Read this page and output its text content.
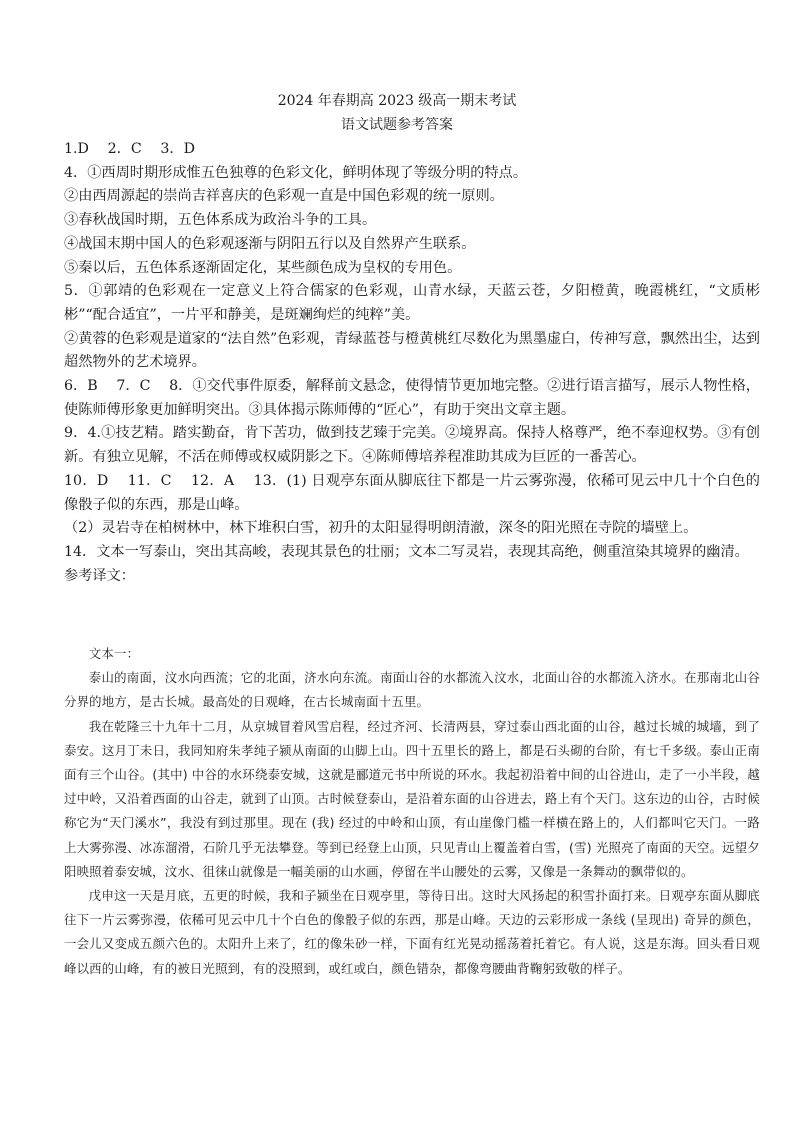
2024 年春期高 2023 级高一期末考试
语文试题参考答案

1.D　 2．C　 3．D

4．①西周时期形成惟五色独尊的色彩文化，鲜明体现了等级分明的特点。

②由西周源起的崇尚吉祥喜庆的色彩观一直是中国色彩观的统一原则。

③春秋战国时期，五色体系成为政治斗争的工具。

④战国末期中国人的色彩观逐渐与阴阳五行以及自然界产生联系。

⑤秦以后，五色体系逐渐固定化，某些颜色成为皇权的专用色。

5．①郭靖的色彩观在一定意义上符合儒家的色彩观，山青水绿，天蓝云苍，夕阳橙黄，晚霞桃红，“文质彬彬”“配合适宜”，一片平和静美，是斑斓绚烂的纯粹”美。

②黄蓉的色彩观是道家的“法自然”色彩观，青绿蓝苍与橙黄桃红尽数化为黑墨虚白，传神写意，飘然出尘，达到超然物外的艺术境界。

6．B　 7．C　 8．①交代事件原委，解释前文悬念，使得情节更加地完整。②进行语言描写，展示人物性格，使陈师傅形象更加鲜明突出。③具体揭示陈师傅的“匠心”，有助于突出文章主题。

9．4.①技艺精。踏实勤奋，肯下苦功，做到技艺臻于完美。②境界高。保持人格尊严，绝不奉迎权势。③有创新。有独立见解，不活在师傅或权威阴影之下。④陈师傅培养程准助其成为巨匠的一番苦心。

10．D　 11．C　 12．A　 13．(1) 日观亭东面从脚底往下都是一片云雾弥漫，依稀可见云中几十个白色的像骰子似的东西，那是山峰。

（2）灵岩寺在柏树林中，林下堆积白雪，初升的太阳显得明朗清澈，深冬的阳光照在寺院的墙壁上。

14．文本一写泰山，突出其高峻，表现其景色的壮丽；文本二写灵岩，表现其高绝，侧重渲染其境界的幽清。

参考译文：

文本一：

泰山的南面，汶水向西流；它的北面，济水向东流。南面山谷的水都流入汶水，北面山谷的水都流入济水。在那南北山谷分界的地方，是古长城。最高处的日观峰，在古长城南面十五里。

我在乾隆三十九年十二月，从京城冒着风雪启程，经过齐河、长清两县，穿过泰山西北面的山谷，越过长城的城墙，到了泰安。这月丁未日，我同知府朱孝纯子颍从南面的山脚上山。四十五里长的路上，都是石头砌的台阶，有七千多级。泰山正南面有三个山谷。(其中) 中谷的水环绕泰安城，这就是郦道元书中所说的环水。我起初沿着中间的山谷进山，走了一小半段，越过中岭，又沿着西面的山谷走，就到了山顶。古时候登泰山，是沿着东面的山谷进去，路上有个天门。这东边的山谷，古时候称它为“天门溪水”，我没有到过那里。现在 (我) 经过的中岭和山顶，有山崖像门槛一样横在路上的，人们都叫它天门。一路上大雾弥漫、冰冻溜滑，石阶几乎无法攀登。等到已经登上山顶，只见青山上覆盖着白雪，(雪) 光照亮了南面的天空。远望夕阳映照着泰安城，汶水、徂徕山就像是一幅美丽的山水画，停留在半山腰处的云雾，又像是一条舞动的飘带似的。

戊申这一天是月底，五更的时候，我和子颍坐在日观亭里，等待日出。这时大风扬起的积雪扑面打来。日观亭东面从脚底往下一片云雾弥漫，依稀可见云中几十个白色的像骰子似的东西，那是山峰。天边的云彩形成一条线 (呈现出) 奇异的颜色，一会儿又变成五颜六色的。太阳升上来了，红的像朱砂一样，下面有红光晃动摇荡着托着它。有人说，这是东海。回头看日观峰以西的山峰，有的被日光照到，有的没照到，或红或白，颜色错杂，都像弯腰曲背鞠躬致敬的样子。
